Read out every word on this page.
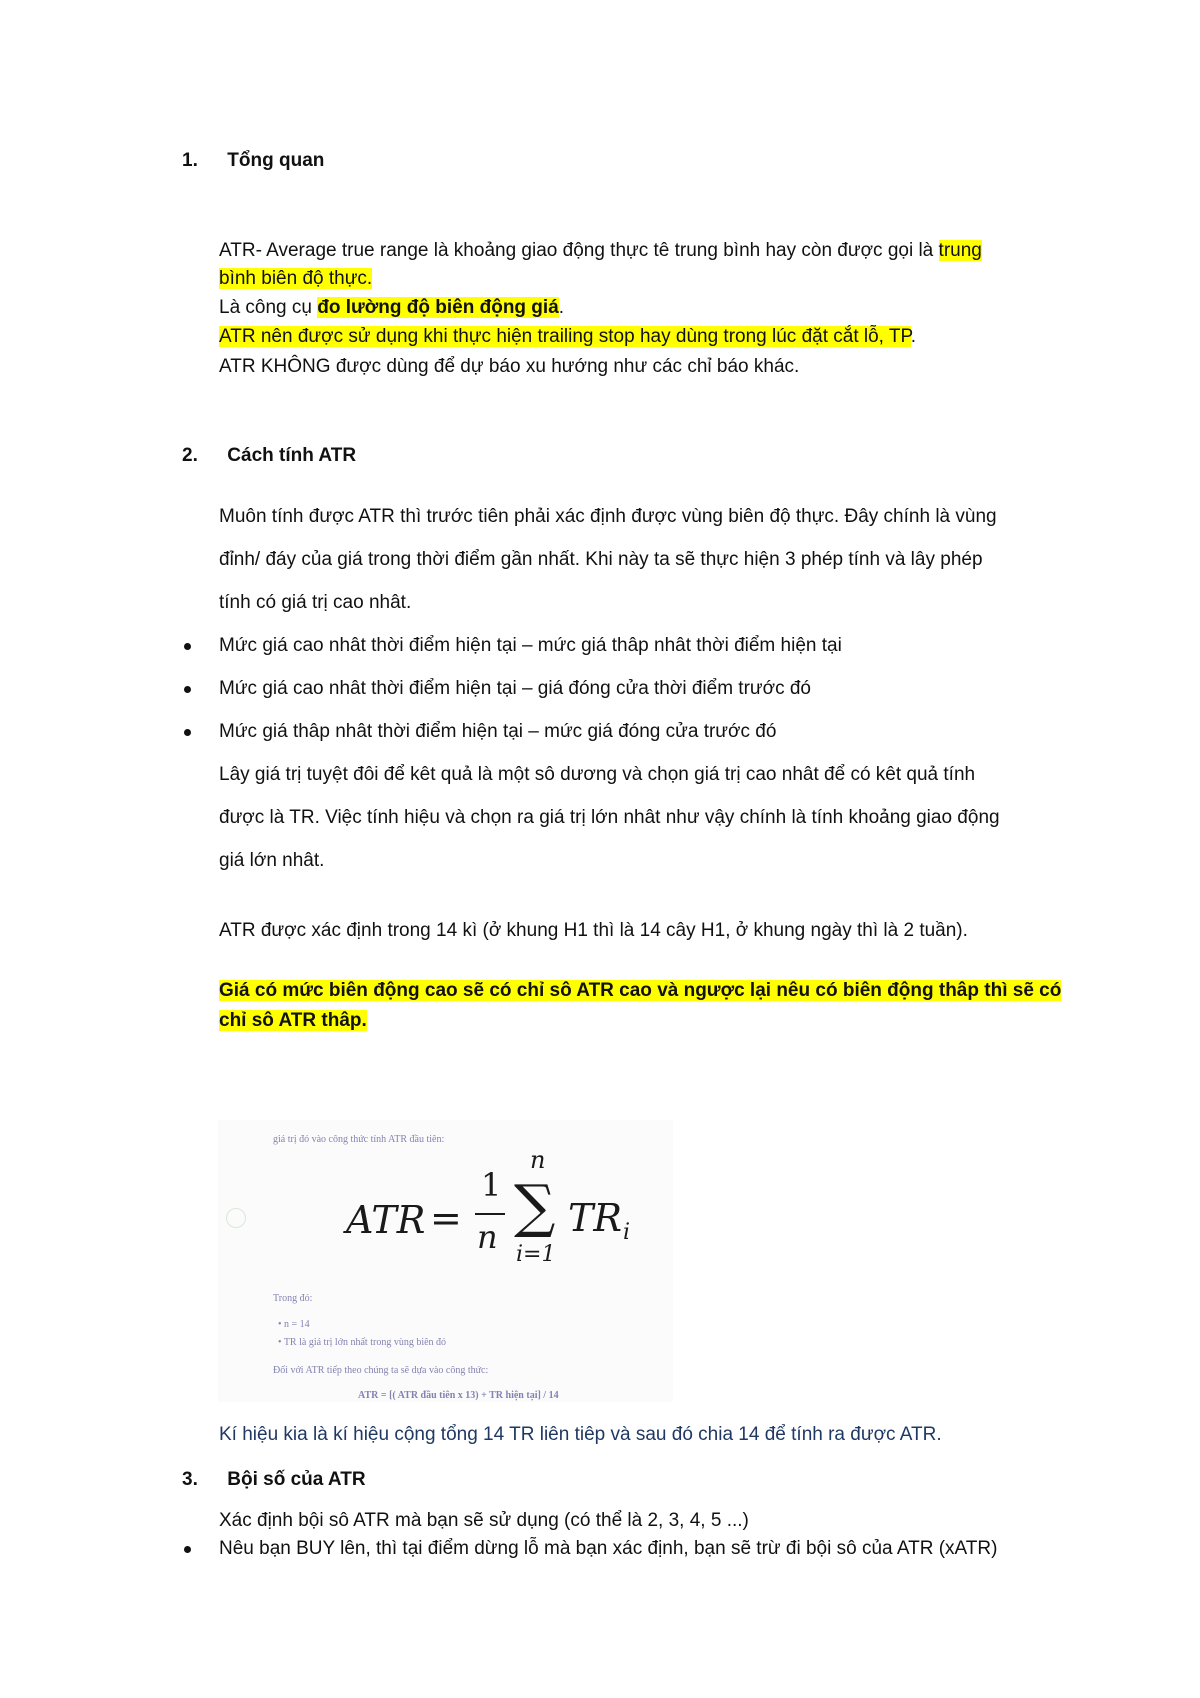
1. Tổng quan
ATR- Average true range là khoảng giao động thực tê trung bình hay còn được gọi là trung
bình biên độ thực.
Là công cụ đo lường độ biên động giá.
ATR nên được sử dụng khi thực hiện trailing stop hay dùng trong lúc đặt cắt lỗ, TP.
ATR KHÔNG được dùng để dự báo xu hướng như các chỉ báo khác.
2. Cách tính ATR
Muôn tính được ATR thì trước tiên phải xác định được vùng biên độ thực. Đây chính là vùng
đỉnh/ đáy của giá trong thời điểm gần nhất. Khi này ta sẽ thực hiện 3 phép tính và lây phép
tính có giá trị cao nhât.
Mức giá cao nhât thời điểm hiện tại – mức giá thâp nhât thời điểm hiện tại
Mức giá cao nhât thời điểm hiện tại – giá đóng cửa thời điểm trước đó
Mức giá thâp nhât thời điểm hiện tại – mức giá đóng cửa trước đó
Lây giá trị tuyệt đôi để kêt quả là một sô dương và chọn giá trị cao nhât để có kêt quả tính
được là TR. Việc tính hiệu và chọn ra giá trị lớn nhât như vậy chính là tính khoảng giao động
giá lớn nhât.
ATR được xác định trong 14 kì (ở khung H1 thì là 14 cây H1, ở khung ngày thì là 2 tuần).
Giá có mức biên động cao sẽ có chỉ sô ATR cao và ngược lại nêu có biên động thâp thì sẽ có
chỉ sô ATR thâp.
giá trị đó vào công thức tính ATR đầu tiên:
ATR =
1
n
n
∑
i=1
TR i
Trong đó:
• n = 14
• TR là giá trị lớn nhất trong vùng biên đó
Đối với ATR tiếp theo chúng ta sẽ dựa vào công thức:
ATR = [( ATR đầu tiên x 13) + TR hiện tại] / 14
Kí hiệu kia là kí hiệu cộng tổng 14 TR liên tiêp và sau đó chia 14 để tính ra được ATR.
3. Bội số của ATR
Xác định bội sô ATR mà bạn sẽ sử dụng (có thể là 2, 3, 4, 5 ...)
Nêu bạn BUY lên, thì tại điểm dừng lỗ mà bạn xác định, bạn sẽ trừ đi bội sô của ATR (xATR)
